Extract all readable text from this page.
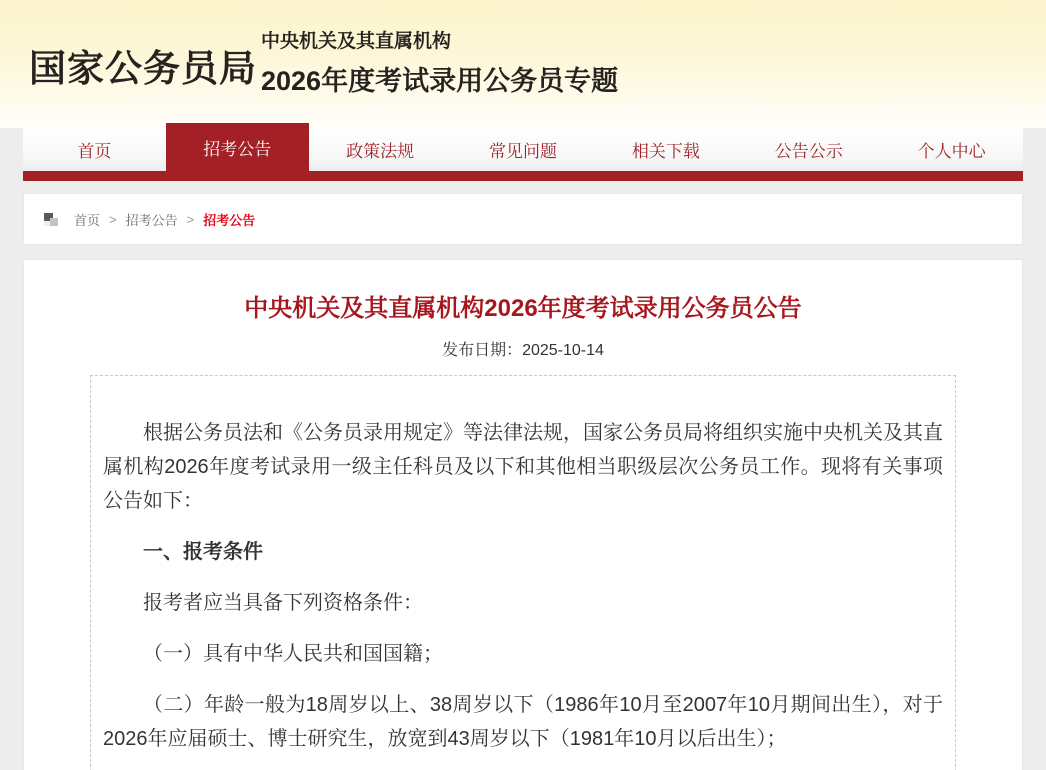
国家公务员局
中央机关及其直属机构
2026年度考试录用公务员专题
首页	招考公告	政策法规	常见问题	相关下载	公告公示	个人中心
首页 > 招考公告 > 招考公告
中央机关及其直属机构2026年度考试录用公务员公告
发布日期：2025-10-14

根据公务员法和《公务员录用规定》等法律法规，国家公务员局将组织实施中央机关及其直属机构2026年度考试录用一级主任科员及以下和其他相当职级层次公务员工作。现将有关事项公告如下：

一、报考条件

报考者应当具备下列资格条件：

（一）具有中华人民共和国国籍；

（二）年龄一般为18周岁以上、38周岁以下（1986年10月至2007年10月期间出生），对于2026年应届硕士、博士研究生，放宽到43周岁以下（1981年10月以后出生）；
